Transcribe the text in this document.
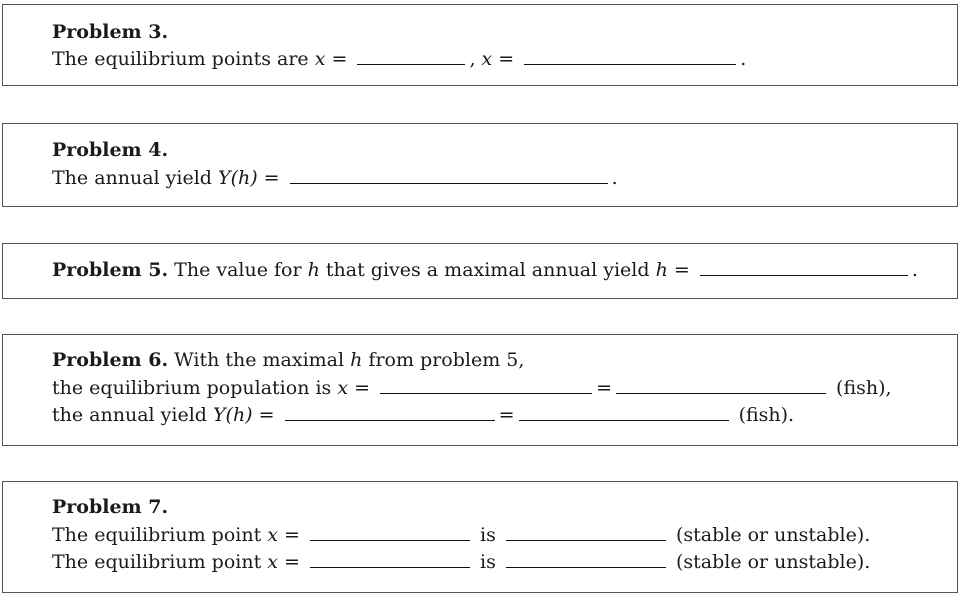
Problem 3.
The equilibrium points are x =	, x =	.
Problem 4.
The annual yield Y(h) =	.
Problem 5. The value for h that gives a maximal annual yield h =	.
Problem 6. With the maximal h from problem 5,
the equilibrium population is x =	=	(fish),
the annual yield Y(h) =	=	(fish).
Problem 7.
The equilibrium point x =	is	(stable or unstable).
The equilibrium point x =	is	(stable or unstable).
